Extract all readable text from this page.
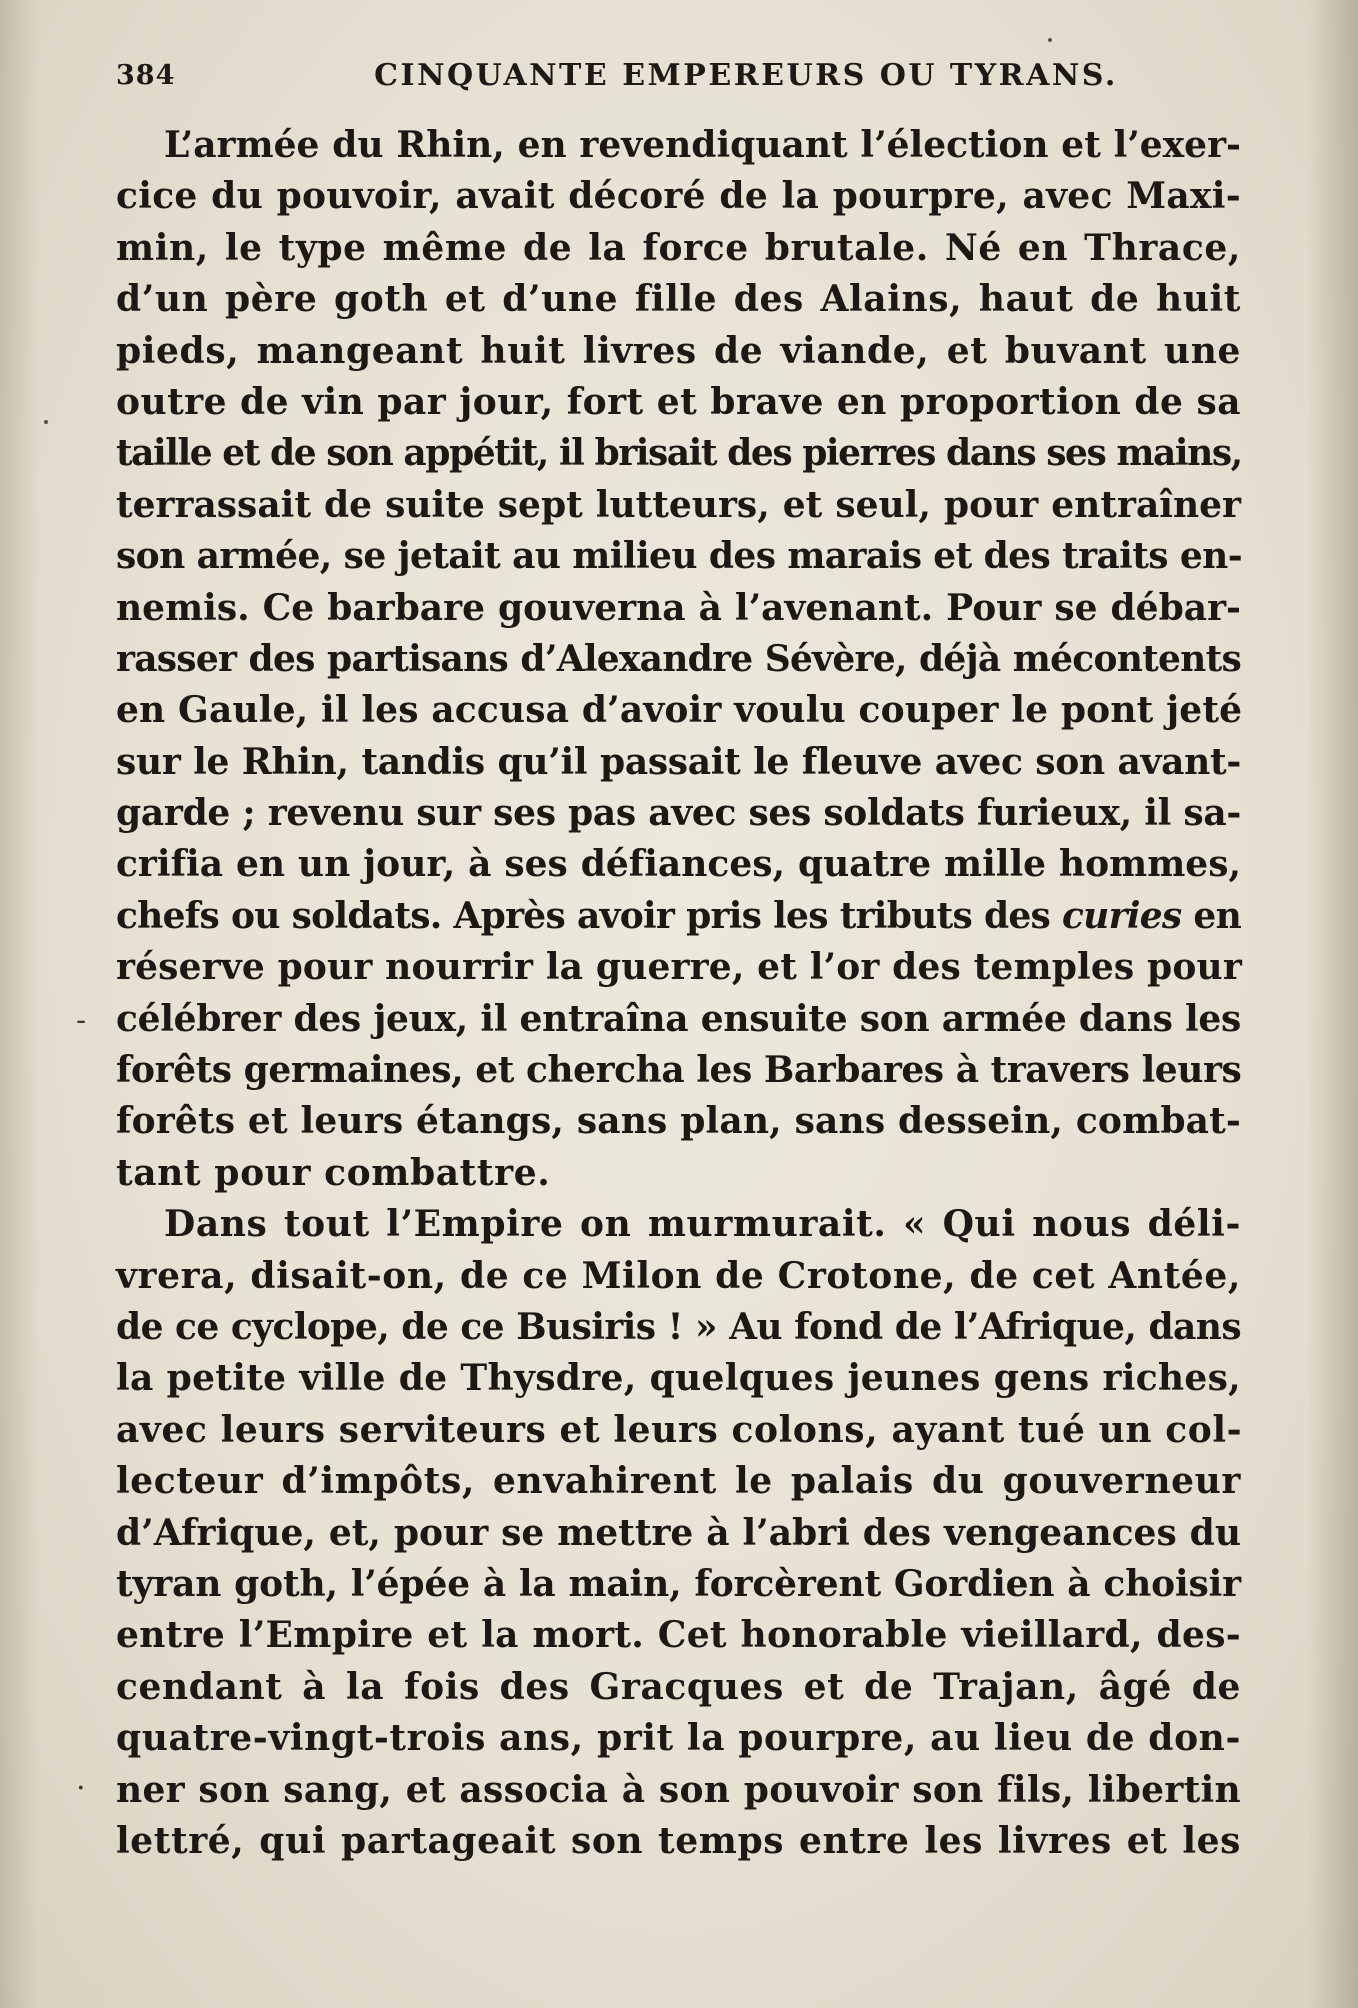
384	CINQUANTE EMPEREURS OU TYRANS.
L’armée du Rhin, en revendiquant l’élection et l’exer-
cice du pouvoir, avait décoré de la pourpre, avec Maxi-
min, le type même de la force brutale. Né en Thrace,
d’un père goth et d’une fille des Alains, haut de huit
pieds, mangeant huit livres de viande, et buvant une
outre de vin par jour, fort et brave en proportion de sa
taille et de son appétit, il brisait des pierres dans ses mains,
terrassait de suite sept lutteurs, et seul, pour entraîner
son armée, se jetait au milieu des marais et des traits en-
nemis. Ce barbare gouverna à l’avenant. Pour se débar-
rasser des partisans d’Alexandre Sévère, déjà mécontents
en Gaule, il les accusa d’avoir voulu couper le pont jeté
sur le Rhin, tandis qu’il passait le fleuve avec son avant-
garde ; revenu sur ses pas avec ses soldats furieux, il sa-
crifia en un jour, à ses défiances, quatre mille hommes,
chefs ou soldats. Après avoir pris les tributs des curies en
réserve pour nourrir la guerre, et l’or des temples pour
célébrer des jeux, il entraîna ensuite son armée dans les
forêts germaines, et chercha les Barbares à travers leurs
forêts et leurs étangs, sans plan, sans dessein, combat-
tant pour combattre.
Dans tout l’Empire on murmurait. « Qui nous déli-
vrera, disait-on, de ce Milon de Crotone, de cet Antée,
de ce cyclope, de ce Busiris ! » Au fond de l’Afrique, dans
la petite ville de Thysdre, quelques jeunes gens riches,
avec leurs serviteurs et leurs colons, ayant tué un col-
lecteur d’impôts, envahirent le palais du gouverneur
d’Afrique, et, pour se mettre à l’abri des vengeances du
tyran goth, l’épée à la main, forcèrent Gordien à choisir
entre l’Empire et la mort. Cet honorable vieillard, des-
cendant à la fois des Gracques et de Trajan, âgé de
quatre-vingt-trois ans, prit la pourpre, au lieu de don-
ner son sang, et associa à son pouvoir son fils, libertin
lettré, qui partageait son temps entre les livres et les
-
.
